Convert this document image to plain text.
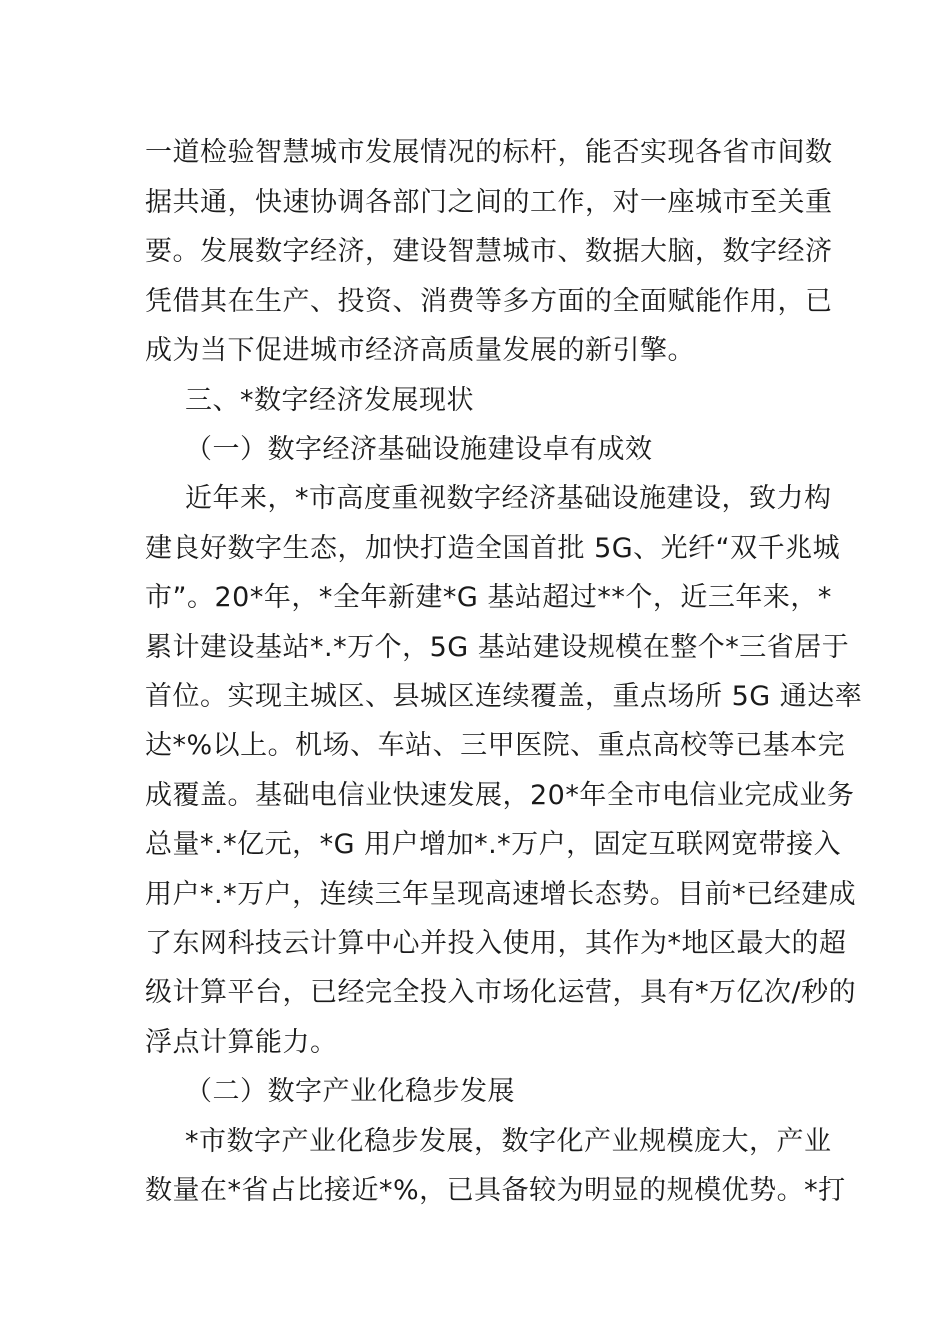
一道检验智慧城市发展情况的标杆，能否实现各省市间数
据共通，快速协调各部门之间的工作，对一座城市至关重
要。发展数字经济，建设智慧城市、数据大脑，数字经济
凭借其在生产、投资、消费等多方面的全面赋能作用，已
成为当下促进城市经济高质量发展的新引擎。
三、*数字经济发展现状
（一）数字经济基础设施建设卓有成效
近年来，*市高度重视数字经济基础设施建设，致力构
建良好数字生态，加快打造全国首批 5G、光纤“双千兆城
市”。20*年，*全年新建*G 基站超过**个，近三年来，*
累计建设基站*.*万个，5G 基站建设规模在整个*三省居于
首位。实现主城区、县城区连续覆盖，重点场所 5G 通达率
达*%以上。机场、车站、三甲医院、重点高校等已基本完
成覆盖。基础电信业快速发展，20*年全市电信业完成业务
总量*.*亿元，*G 用户增加*.*万户，固定互联网宽带接入
用户*.*万户，连续三年呈现高速增长态势。目前*已经建成
了东网科技云计算中心并投入使用，其作为*地区最大的超
级计算平台，已经完全投入市场化运营，具有*万亿次/秒的
浮点计算能力。
（二）数字产业化稳步发展
*市数字产业化稳步发展，数字化产业规模庞大，产业
数量在*省占比接近*%，已具备较为明显的规模优势。*打
